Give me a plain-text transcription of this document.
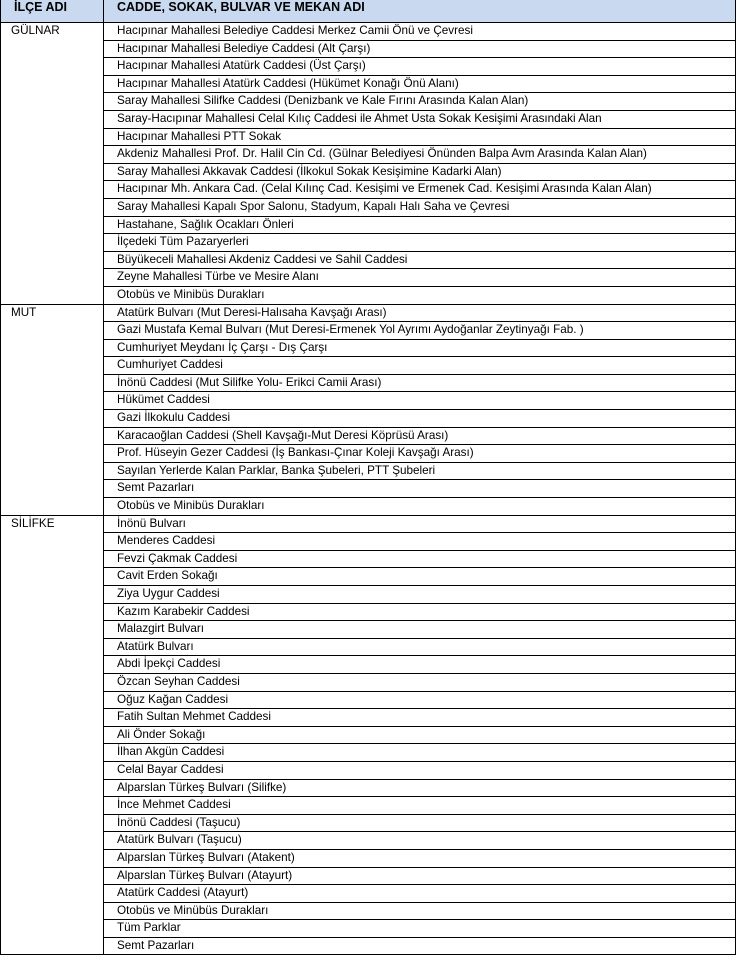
İLÇE ADI	CADDE, SOKAK, BULVAR VE MEKAN ADI
GÜLNAR	Hacıpınar Mahallesi Belediye Caddesi Merkez Camii Önü ve Çevresi
	Hacıpınar Mahallesi Belediye Caddesi (Alt Çarşı)
	Hacıpınar Mahallesi Atatürk Caddesi (Üst Çarşı)
	Hacıpınar Mahallesi Atatürk Caddesi (Hükümet Konağı Önü Alanı)
	Saray Mahallesi Silifke Caddesi (Denizbank ve Kale Fırını Arasında Kalan Alan)
	Saray-Hacıpınar Mahallesi Celal Kılıç Caddesi ile Ahmet Usta Sokak Kesişimi Arasındaki Alan
	Hacıpınar Mahallesi PTT Sokak
	Akdeniz Mahallesi Prof. Dr. Halil Cin Cd. (Gülnar Belediyesi Önünden Balpa Avm Arasında Kalan Alan)
	Saray Mahallesi Akkavak Caddesi (İlkokul Sokak Kesişimine Kadarki Alan)
	Hacıpınar Mh. Ankara Cad. (Celal Kılınç Cad. Kesişimi ve Ermenek Cad. Kesişimi Arasında Kalan Alan)
	Saray Mahallesi Kapalı Spor Salonu, Stadyum, Kapalı Halı Saha ve Çevresi
	Hastahane, Sağlık Ocakları Önleri
	İlçedeki Tüm Pazaryerleri
	Büyükeceli Mahallesi Akdeniz Caddesi ve Sahil Caddesi
	Zeyne Mahallesi Türbe ve Mesire Alanı
	Otobüs ve Minibüs Durakları
MUT	Atatürk Bulvarı (Mut Deresi-Halısaha Kavşağı Arası)
	Gazi Mustafa Kemal Bulvarı (Mut Deresi-Ermenek Yol Ayrımı Aydoğanlar Zeytinyağı Fab. )
	Cumhuriyet Meydanı İç Çarşı - Dış Çarşı
	Cumhuriyet Caddesi
	İnönü Caddesi (Mut Silifke Yolu- Erikci Camii Arası)
	Hükümet Caddesi
	Gazi İlkokulu Caddesi
	Karacaoğlan Caddesi (Shell Kavşağı-Mut Deresi Köprüsü Arası)
	Prof. Hüseyin Gezer Caddesi (İş Bankası-Çınar Koleji Kavşağı Arası)
	Sayılan Yerlerde Kalan Parklar, Banka Şubeleri, PTT Şubeleri
	Semt Pazarları
	Otobüs ve Minibüs Durakları
SİLİFKE	İnönü Bulvarı
	Menderes Caddesi
	Fevzi Çakmak Caddesi
	Cavit Erden Sokağı
	Ziya Uygur Caddesi
	Kazım Karabekir Caddesi
	Malazgirt Bulvarı
	Atatürk Bulvarı
	Abdi İpekçi Caddesi
	Özcan Seyhan Caddesi
	Oğuz Kağan Caddesi
	Fatih Sultan Mehmet Caddesi
	Ali Önder Sokağı
	İlhan Akgün Caddesi
	Celal Bayar Caddesi
	Alparslan Türkeş Bulvarı (Silifke)
	İnce Mehmet Caddesi
	İnönü Caddesi (Taşucu)
	Atatürk Bulvarı (Taşucu)
	Alparslan Türkeş Bulvarı (Atakent)
	Alparslan Türkeş Bulvarı (Atayurt)
	Atatürk Caddesi (Atayurt)
	Otobüs ve Minübüs Durakları
	Tüm Parklar
	Semt Pazarları
